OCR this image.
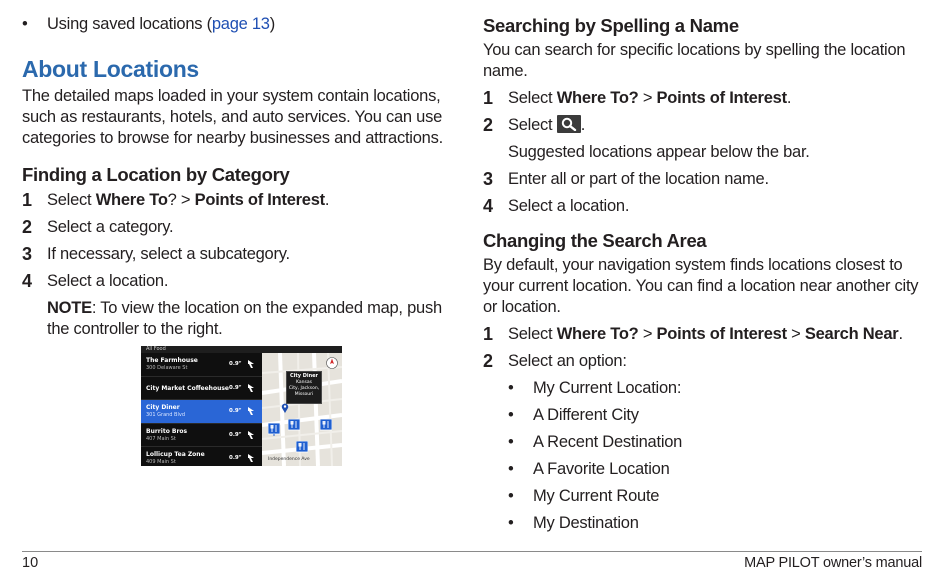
• Using saved locations (page 13)
About Locations
The detailed maps loaded in your system contain locations, such as restaurants, hotels, and auto services. You can use categories to browse for nearby businesses and attractions.
Finding a Location by Category
1 Select Where To? > Points of Interest.
2 Select a category.
3 If necessary, select a subcategory.
4 Select a location.
NOTE: To view the location on the expanded map, push the controller to the right.
All Food
The Farmhouse
300 Delaware St
0.9ᵀ
City Market Coffeehouse 0.9ᵀ
City Diner
301 Grand Blvd
0.9ᵀ
Burrito Bros
407 Main St
0.9ᵀ
Lollicup Tea Zone
409 Main St
0.9ᵀ
City Diner
Kansas
City, Jackson,
Missouri
Independence Ave
Searching by Spelling a Name
You can search for specific locations by spelling the location name.
1 Select Where To? > Points of Interest.
2 Select
.
Suggested locations appear below the bar.
3 Enter all or part of the location name.
4 Select a location.
Changing the Search Area
By default, your navigation system finds locations closest to your current location. You can find a location near another city or location.
1 Select Where To? > Points of Interest > Search Near.
2 Select an option:
• My Current Location:
• A Different City
• A Recent Destination
• A Favorite Location
• My Current Route
• My Destination
10	MAP PILOT owner’s manual
